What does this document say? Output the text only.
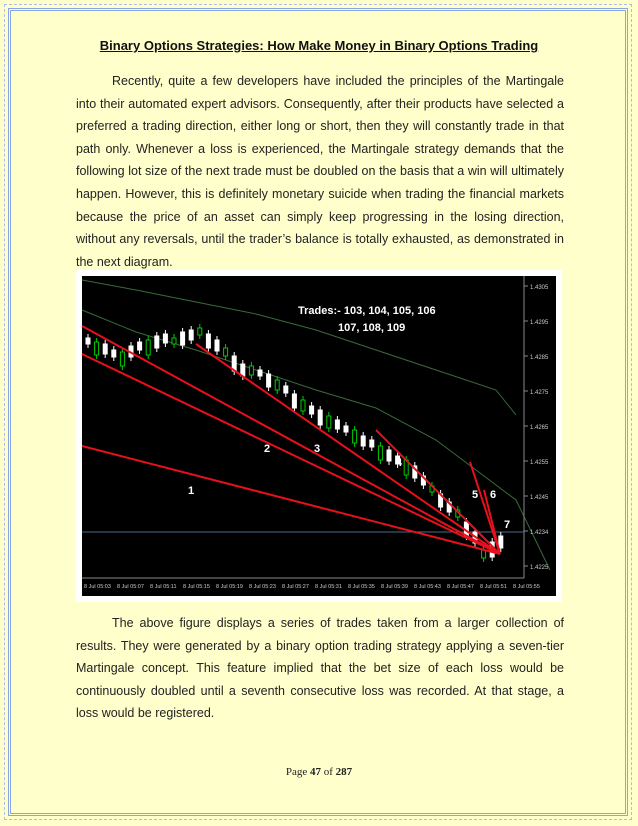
Binary Options Strategies: How Make Money in Binary Options Trading

Recently, quite a few developers have included the principles of the Martingale into their automated expert advisors. Consequently, after their products have selected a preferred a trading direction, either long or short, then they will constantly trade in that path only. Whenever a loss is experienced, the Martingale strategy demands that the following lot size of the next trade must be doubled on the basis that a win will ultimately happen. However, this is definitely monetary suicide when trading the financial markets because the price of an asset can simply keep progressing in the losing direction, without any reversals, until the trader’s balance is totally exhausted, as demonstrated in the next diagram.

1.4305
1.4295
1.4285
1.4275
1.4265
1.4255
1.4245
1.4234
1.4225
8 Jul 05:03 8 Jul 05:07 8 Jul 05:11 8 Jul 05:15 8 Jul 05:19 8 Jul 05:23 8 Jul 05:27 8 Jul 05:31 8 Jul 05:35 8 Jul 05:39 8 Jul 05:43 8 Jul 05:47 8 Jul 05:51 8 Jul 05:55
1
2	3
4
5 6
7
Trades:- 103, 104, 105, 106
107, 108, 109

The above figure displays a series of trades taken from a larger collection of results. They were generated by a binary option trading strategy applying a seven-tier Martingale concept. This feature implied that the bet size of each loss would be continuously doubled until a seventh consecutive loss was recorded. At that stage, a loss would be registered.

Page 47 of 287
